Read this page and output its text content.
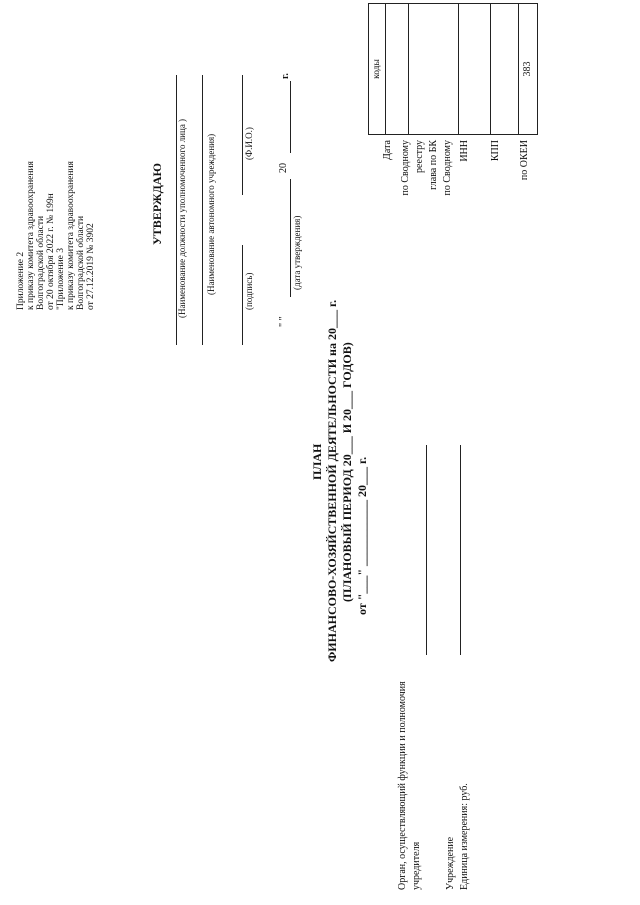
Приложение 2 к приказу комитета здравоохранения Волгоградской области от 20 октября 2022 г. № 199н "Приложение 3 к приказу комитета здравоохранения Волгоградской области от 27.12.2019 № 3902
УТВЕРЖДАЮ (Наименование должности уполномоченного лица ) (Наименование автономного учреждения)	(подпись)
(Ф.И.О.)
" "
20
г.
(дата утверждения)
ПЛАН ФИНАНСОВО-ХОЗЯЙСТВЕННОЙ ДЕЯТЕЛЬНОСТИ на 20___ г. (ПЛАНОВЫЙ ПЕРИОД 20___ И 20___ ГОДОВ) от "___" ___________ 20___ г.
Орган, осуществляющий функции и полномочия учредителя Учреждение Единица измерения: руб.
Дата по Сводному реестру глава по БК по Сводному ИНН КПП по ОКЕИ
коды	383
